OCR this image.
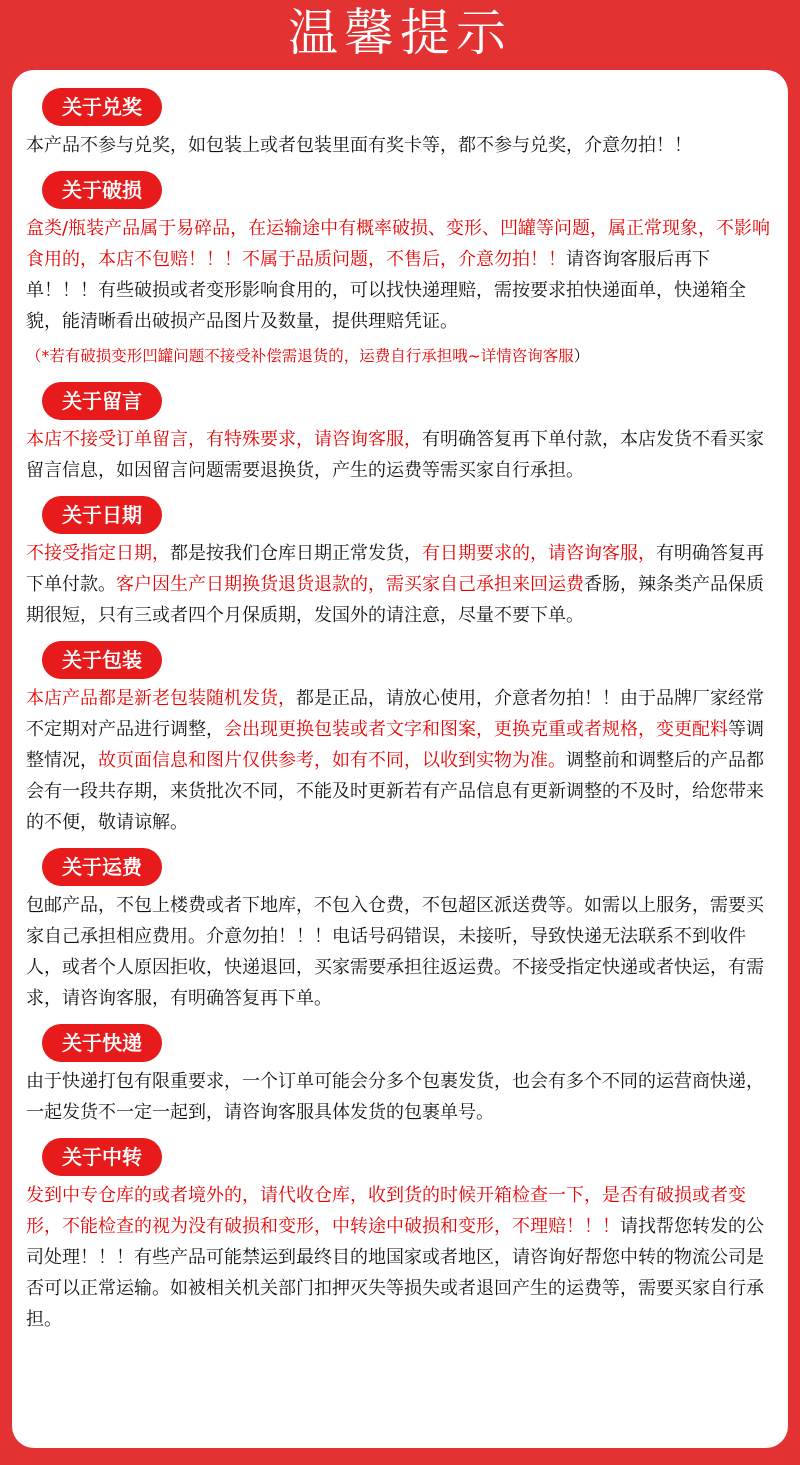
温馨提示
关于兑奖

本产品不参与兑奖，如包装上或者包装里面有奖卡等，都不参与兑奖，介意勿拍！！

关于破损

盒类/瓶装产品属于易碎品，在运输途中有概率破损、变形、凹罐等问题，属正常现象，不影响食用的，本店不包赔！！！不属于品质问题，不售后，介意勿拍！！请咨询客服后再下单！！！有些破损或者变形影响食用的，可以找快递理赔，需按要求拍快递面单，快递箱全貌，能清晰看出破损产品图片及数量，提供理赔凭证。

（*若有破损变形凹罐问题不接受补偿需退货的，运费自行承担哦~详情咨询客服）

关于留言

本店不接受订单留言，有特殊要求，请咨询客服，有明确答复再下单付款，本店发货不看买家留言信息，如因留言问题需要退换货，产生的运费等需买家自行承担。

关于日期

不接受指定日期，都是按我们仓库日期正常发货，有日期要求的，请咨询客服，有明确答复再下单付款。客户因生产日期换货退货退款的，需买家自己承担来回运费香肠，辣条类产品保质期很短，只有三或者四个月保质期，发国外的请注意，尽量不要下单。

关于包装

本店产品都是新老包装随机发货，都是正品，请放心使用，介意者勿拍！！由于品牌厂家经常不定期对产品进行调整，会出现更换包装或者文字和图案，更换克重或者规格，变更配料等调整情况，故页面信息和图片仅供参考，如有不同，以收到实物为准。调整前和调整后的产品都会有一段共存期，来货批次不同，不能及时更新若有产品信息有更新调整的不及时，给您带来的不便，敬请谅解。

关于运费

包邮产品，不包上楼费或者下地库，不包入仓费，不包超区派送费等。如需以上服务，需要买家自己承担相应费用。介意勿拍！！！电话号码错误，未接听，导致快递无法联系不到收件人，或者个人原因拒收，快递退回，买家需要承担往返运费。不接受指定快递或者快运，有需求，请咨询客服，有明确答复再下单。

关于快递

由于快递打包有限重要求，一个订单可能会分多个包裹发货，也会有多个不同的运营商快递，一起发货不一定一起到，请咨询客服具体发货的包裹单号。

关于中转

发到中专仓库的或者境外的，请代收仓库，收到货的时候开箱检查一下，是否有破损或者变形，不能检查的视为没有破损和变形，中转途中破损和变形，不理赔！！！请找帮您转发的公司处理！！！有些产品可能禁运到最终目的地国家或者地区，请咨询好帮您中转的物流公司是否可以正常运输。如被相关机关部门扣押灭失等损失或者退回产生的运费等，需要买家自行承担。
